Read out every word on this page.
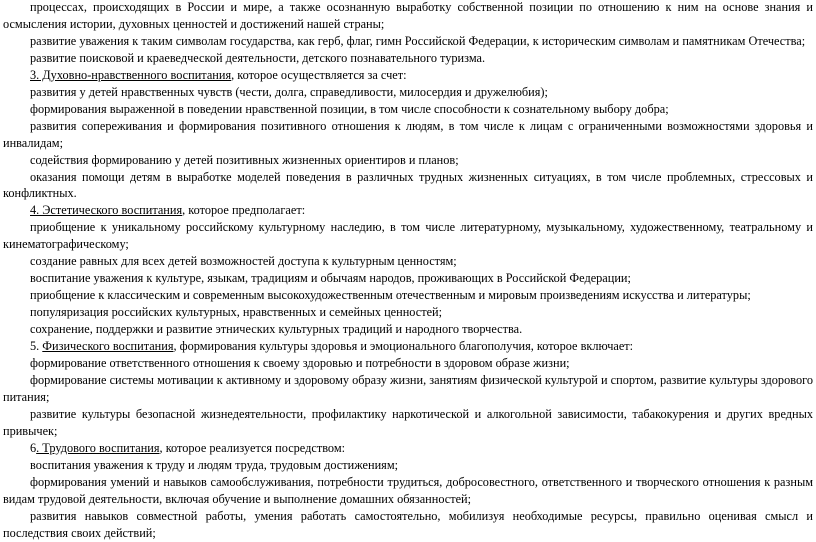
процессах, происходящих в России и мире, а также осознанную выработку собственной позиции по отношению к ним на основе знания и осмысления истории, духовных ценностей и достижений нашей страны;

развитие уважения к таким символам государства, как герб, флаг, гимн Российской Федерации, к историческим символам и памятникам Отечества;

развитие поисковой и краеведческой деятельности, детского познавательного туризма.

3. Духовно-нравственного воспитания, которое осуществляется за счет:

развития у детей нравственных чувств (чести, долга, справедливости, милосердия и дружелюбия);

формирования выраженной в поведении нравственной позиции, в том числе способности к сознательному выбору добра;

развития сопереживания и формирования позитивного отношения к людям, в том числе к лицам с ограниченными возможностями здоровья и инвалидам;

содействия формированию у детей позитивных жизненных ориентиров и планов;

оказания помощи детям в выработке моделей поведения в различных трудных жизненных ситуациях, в том числе проблемных, стрессовых и конфликтных.

4. Эстетического воспитания, которое предполагает:

приобщение к уникальному российскому культурному наследию, в том числе литературному, музыкальному, художественному, театральному и кинематографическому;

создание равных для всех детей возможностей доступа к культурным ценностям;

воспитание уважения к культуре, языкам, традициям и обычаям народов, проживающих в Российской Федерации;

приобщение к классическим и современным высокохудожественным отечественным и мировым произведениям искусства и литературы;

популяризация российских культурных, нравственных и семейных ценностей;

сохранение, поддержки и развитие этнических культурных традиций и народного творчества.

5. Физического воспитания, формирования культуры здоровья и эмоционального благополучия, которое включает:

формирование ответственного отношения к своему здоровью и потребности в здоровом образе жизни;

формирование системы мотивации к активному и здоровому образу жизни, занятиям физической культурой и спортом, развитие культуры здорового питания;

развитие культуры безопасной жизнедеятельности, профилактику наркотической и алкогольной зависимости, табакокурения и других вредных привычек;

6. Трудового воспитания, которое реализуется посредством:

воспитания уважения к труду и людям труда, трудовым достижениям;

формирования умений и навыков самообслуживания, потребности трудиться, добросовестного, ответственного и творческого отношения к разным видам трудовой деятельности, включая обучение и выполнение домашних обязанностей;

развития навыков совместной работы, умения работать самостоятельно, мобилизуя необходимые ресурсы, правильно оценивая смысл и последствия своих действий;
